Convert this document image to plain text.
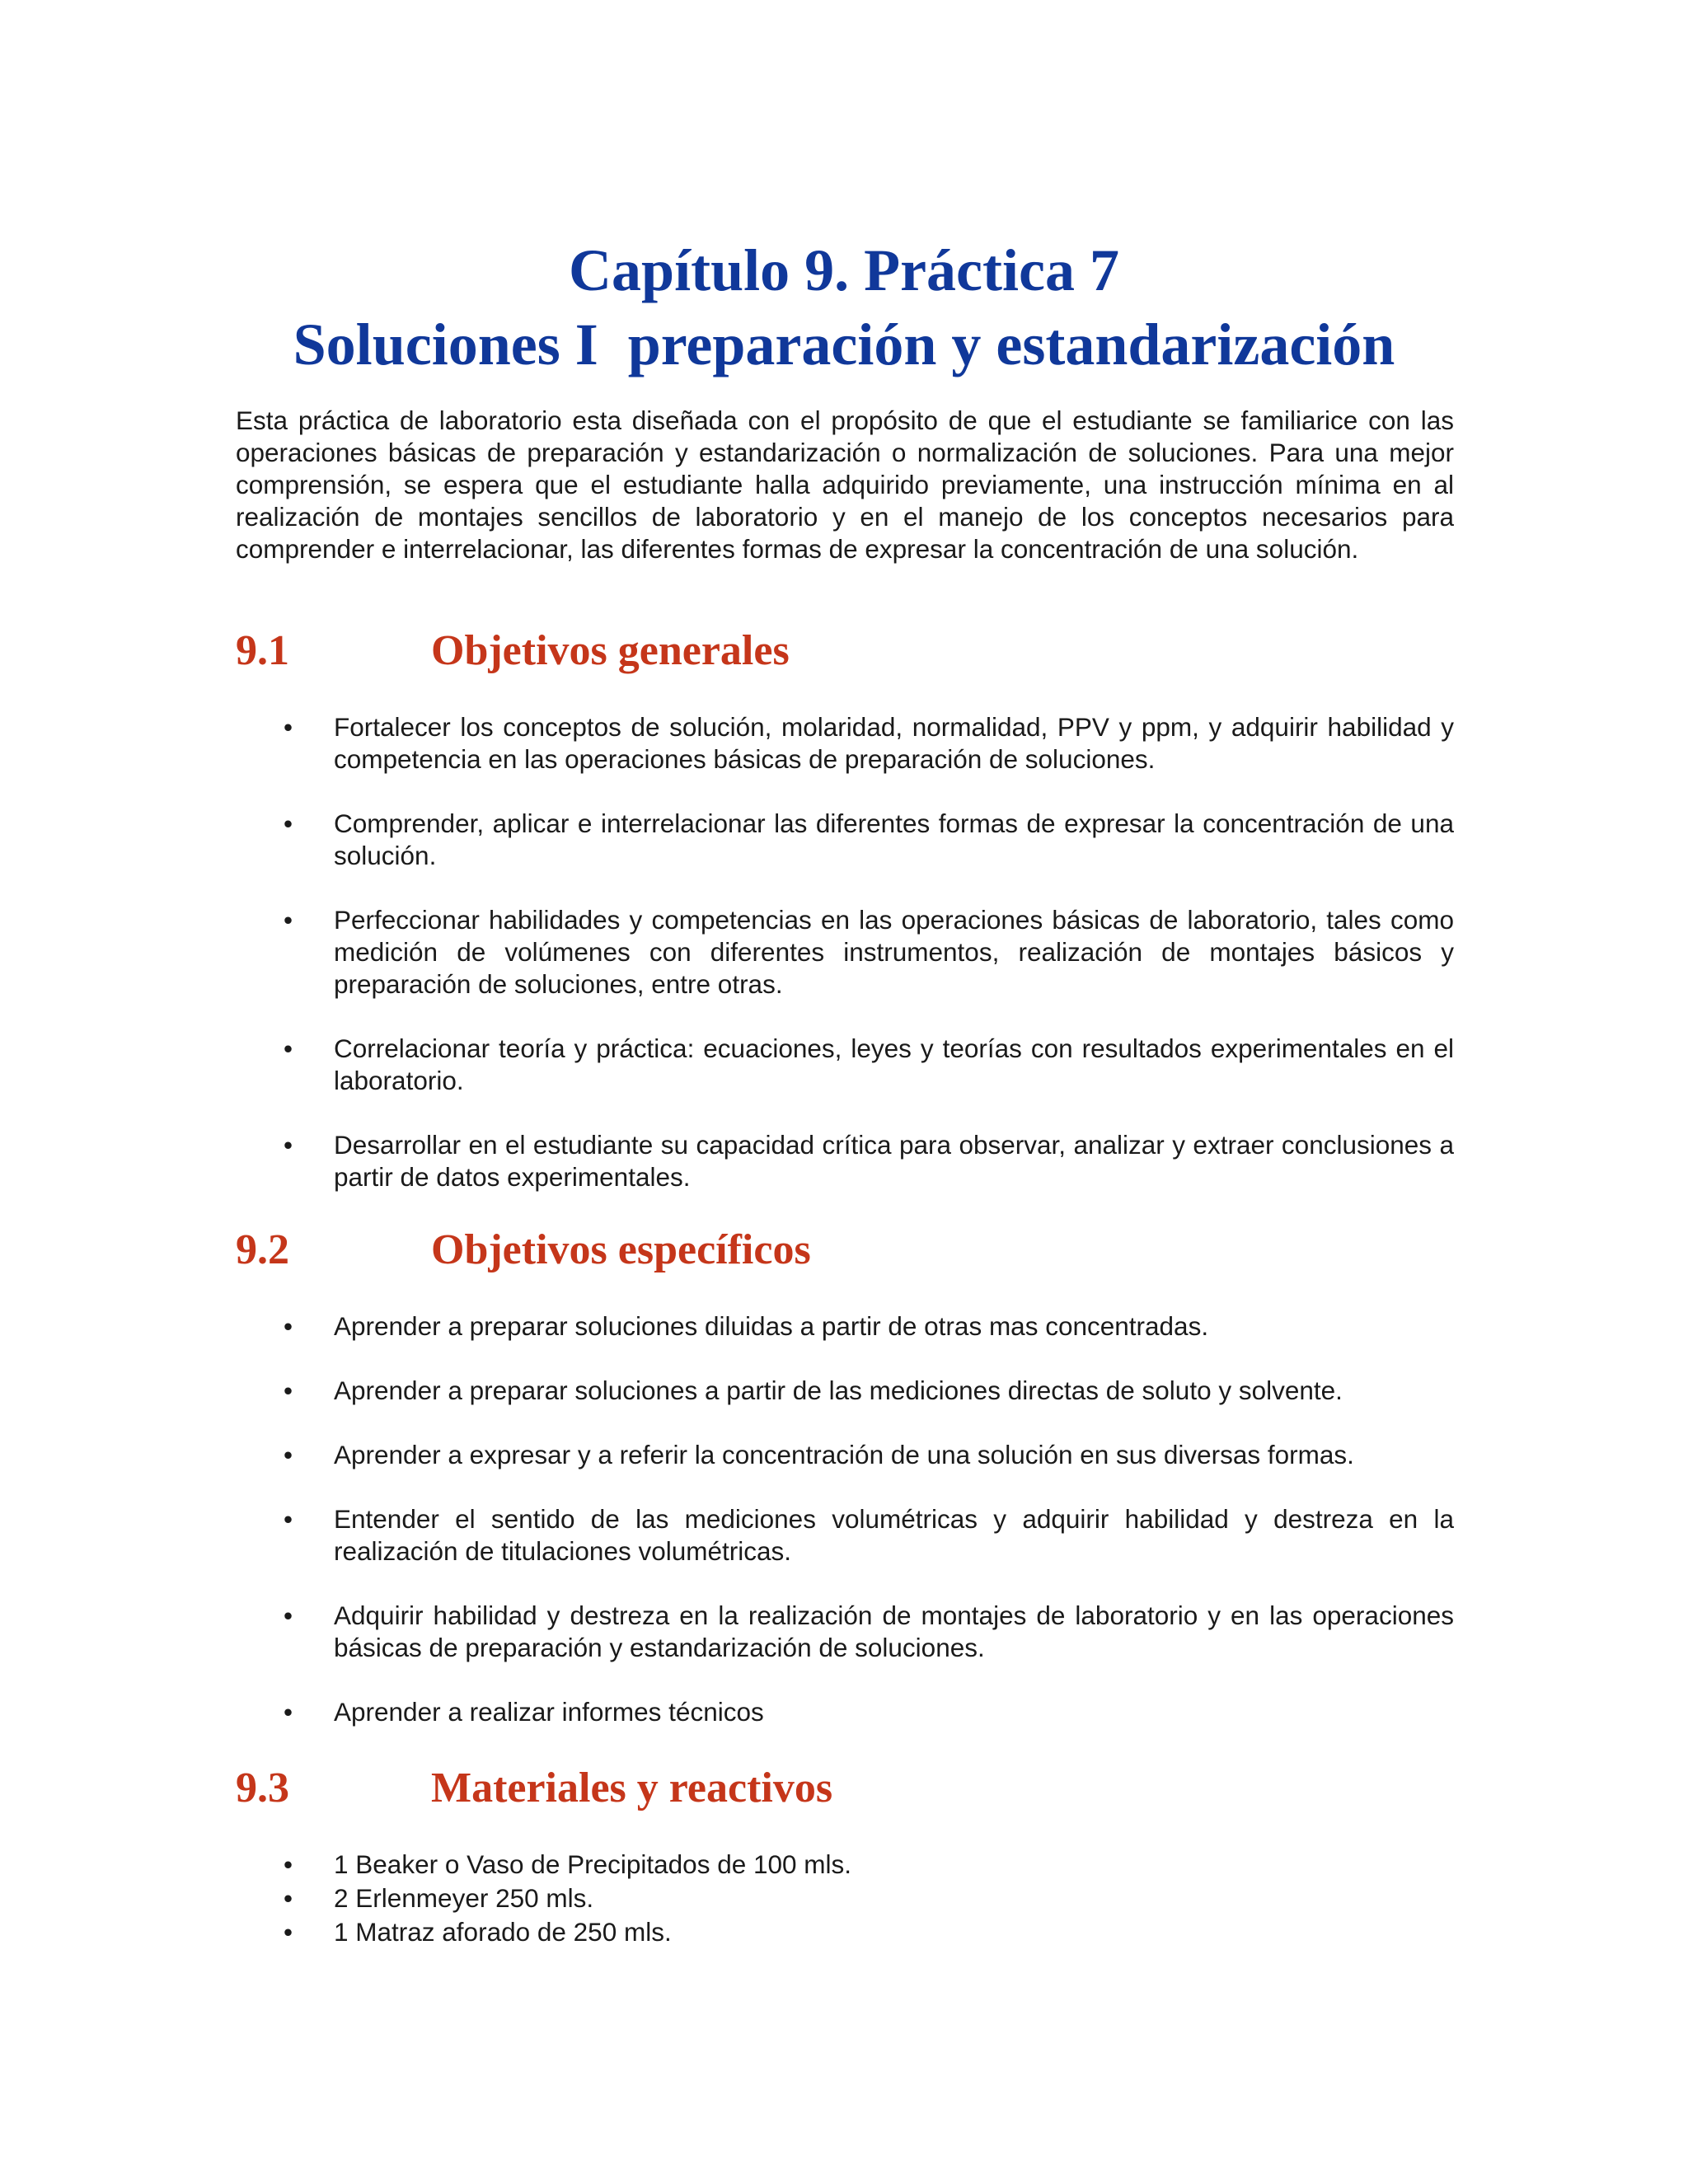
Capítulo 9. Práctica 7
Soluciones I  preparación y estandarización

Esta práctica de laboratorio esta diseñada con el propósito de que el estudiante se familiarice con las operaciones básicas de preparación y estandarización o normalización de soluciones. Para una mejor comprensión, se espera que el estudiante halla adquirido previamente, una instrucción mínima en al realización de montajes sencillos de laboratorio y en el manejo de los conceptos necesarios para comprender e interrelacionar, las diferentes formas de expresar la concentración de una solución.

9.1	Objetivos generales
• Fortalecer los conceptos de solución, molaridad, normalidad, PPV y ppm, y adquirir habilidad y competencia en las operaciones básicas de preparación de soluciones.
• Comprender, aplicar e interrelacionar las diferentes formas de expresar la concentración de una solución.
• Perfeccionar habilidades y competencias en las operaciones básicas de laboratorio, tales como medición de volúmenes con diferentes instrumentos, realización de montajes básicos y preparación de soluciones, entre otras.
• Correlacionar teoría y práctica: ecuaciones, leyes y teorías con resultados experimentales en el laboratorio.
• Desarrollar en el estudiante su capacidad crítica para observar, analizar y extraer conclusiones a partir de datos experimentales.
9.2	Objetivos específicos
• Aprender a preparar soluciones diluidas a partir de otras mas concentradas.
• Aprender a preparar soluciones a partir de las mediciones directas de soluto y solvente.
• Aprender a expresar y a referir la concentración de una solución en sus diversas formas.
• Entender el sentido de las mediciones volumétricas y adquirir habilidad y destreza en la realización de titulaciones volumétricas.
• Adquirir habilidad y destreza en la realización de montajes de laboratorio y en las operaciones básicas de preparación y estandarización de soluciones.
• Aprender a realizar informes técnicos
9.3	Materiales y reactivos
• 1 Beaker o Vaso de Precipitados de 100 mls.
• 2 Erlenmeyer 250 mls.
• 1 Matraz aforado de 250 mls.
